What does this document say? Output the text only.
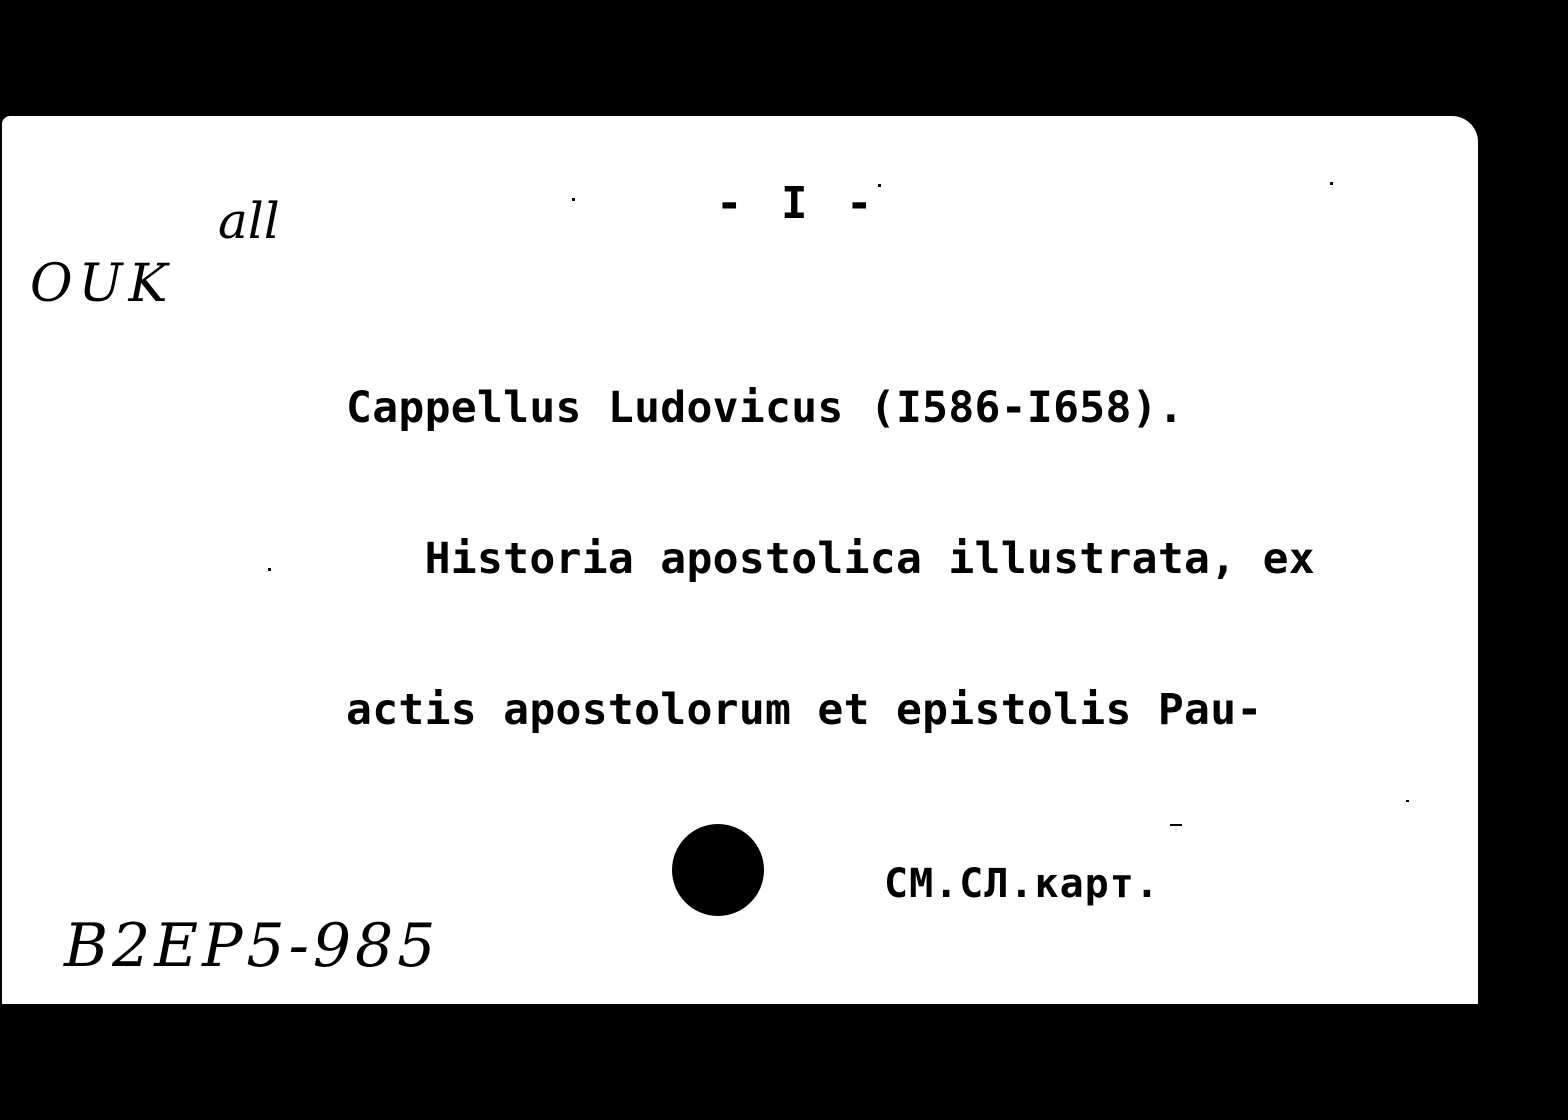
- I -
OUK
all

Cappellus Ludovicus (I586-I658).

Historia apostolica illustrata, ex

actis apostolorum et epistolis Pau-

СМ.СЛ.карт.
B2EP5-985
